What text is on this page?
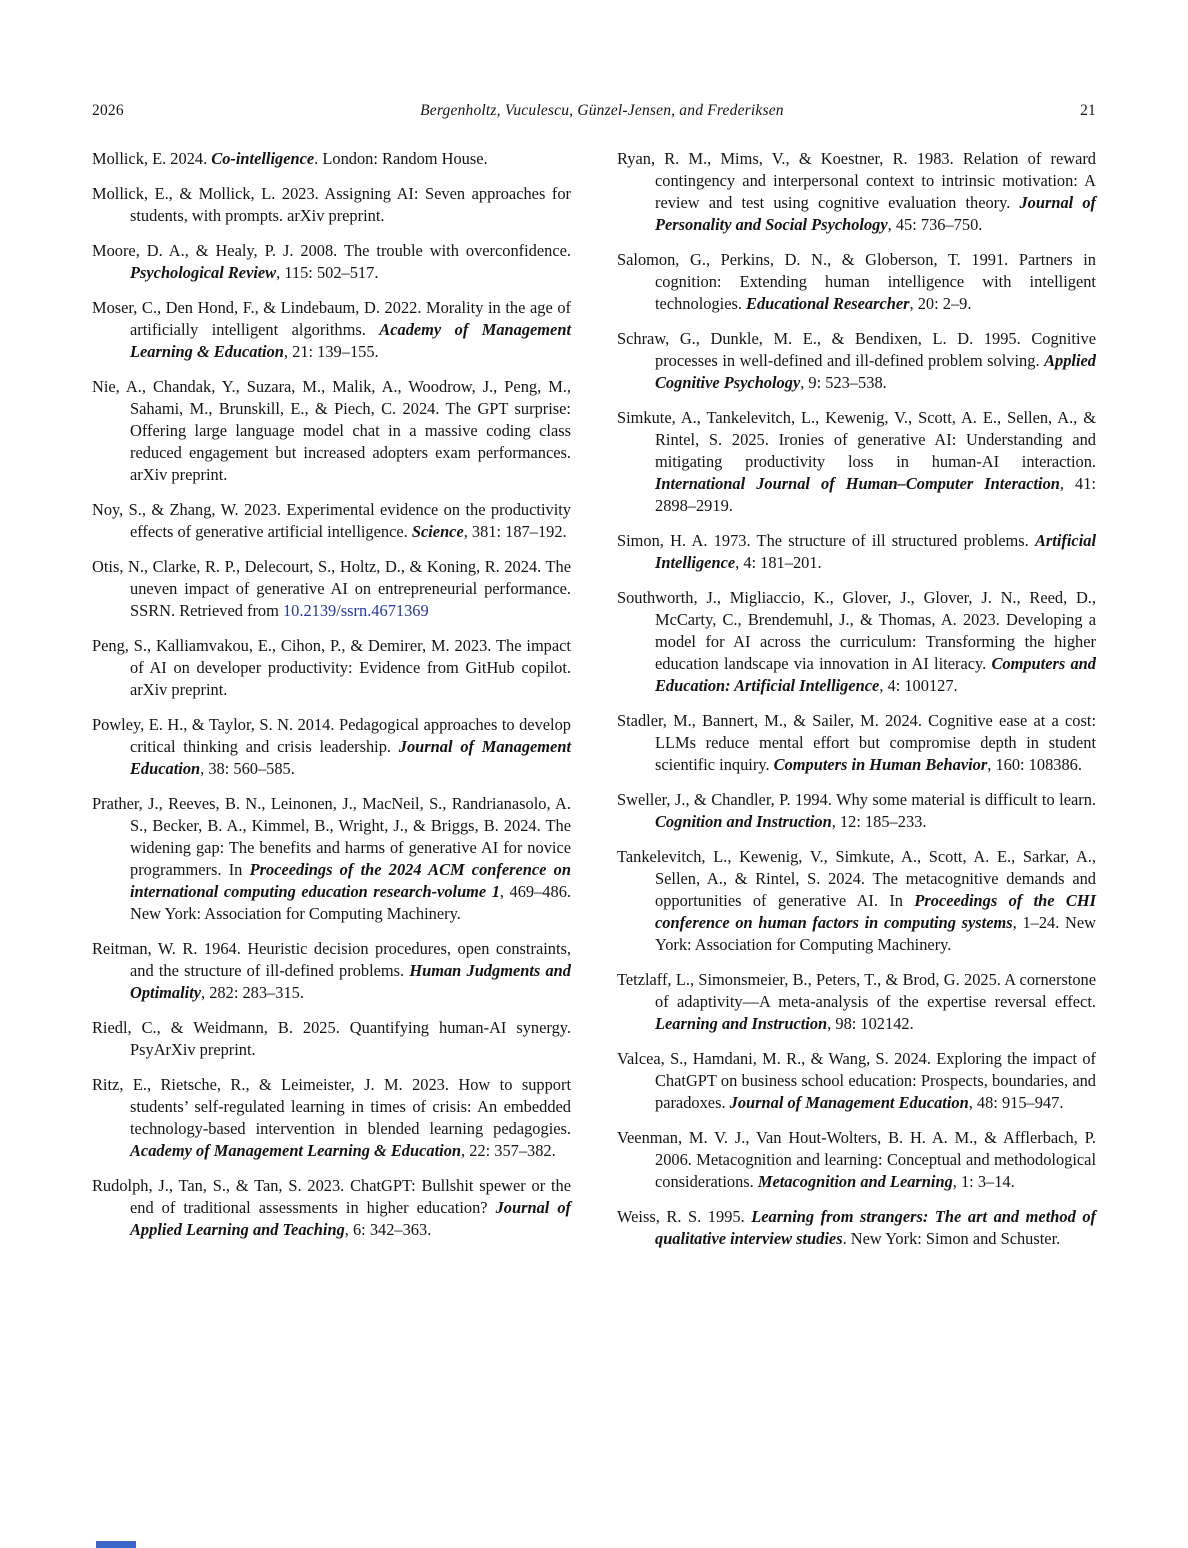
2026	Bergenholtz, Vuculescu, Günzel-Jensen, and Frederiksen	21

Mollick, E. 2024. Co-intelligence. London: Random House.

Mollick, E., & Mollick, L. 2023. Assigning AI: Seven approaches for students, with prompts. arXiv preprint.

Moore, D. A., & Healy, P. J. 2008. The trouble with overconfidence. Psychological Review, 115: 502–517.

Moser, C., Den Hond, F., & Lindebaum, D. 2022. Morality in the age of artificially intelligent algorithms. Academy of Management Learning & Education, 21: 139–155.

Nie, A., Chandak, Y., Suzara, M., Malik, A., Woodrow, J., Peng, M., Sahami, M., Brunskill, E., & Piech, C. 2024. The GPT surprise: Offering large language model chat in a massive coding class reduced engagement but increased adopters exam performances. arXiv preprint.

Noy, S., & Zhang, W. 2023. Experimental evidence on the productivity effects of generative artificial intelligence. Science, 381: 187–192.

Otis, N., Clarke, R. P., Delecourt, S., Holtz, D., & Koning, R. 2024. The uneven impact of generative AI on entrepreneurial performance. SSRN. Retrieved from 10.2139/ssrn.4671369

Peng, S., Kalliamvakou, E., Cihon, P., & Demirer, M. 2023. The impact of AI on developer productivity: Evidence from GitHub copilot. arXiv preprint.

Powley, E. H., & Taylor, S. N. 2014. Pedagogical approaches to develop critical thinking and crisis leadership. Journal of Management Education, 38: 560–585.

Prather, J., Reeves, B. N., Leinonen, J., MacNeil, S., Randrianasolo, A. S., Becker, B. A., Kimmel, B., Wright, J., & Briggs, B. 2024. The widening gap: The benefits and harms of generative AI for novice programmers. In Proceedings of the 2024 ACM conference on international computing education research-volume 1, 469–486. New York: Association for Computing Machinery.

Reitman, W. R. 1964. Heuristic decision procedures, open constraints, and the structure of ill-defined problems. Human Judgments and Optimality, 282: 283–315.

Riedl, C., & Weidmann, B. 2025. Quantifying human-AI synergy. PsyArXiv preprint.

Ritz, E., Rietsche, R., & Leimeister, J. M. 2023. How to support students’ self-regulated learning in times of crisis: An embedded technology-based intervention in blended learning pedagogies. Academy of Management Learning & Education, 22: 357–382.

Rudolph, J., Tan, S., & Tan, S. 2023. ChatGPT: Bullshit spewer or the end of traditional assessments in higher education? Journal of Applied Learning and Teaching, 6: 342–363.

Ryan, R. M., Mims, V., & Koestner, R. 1983. Relation of reward contingency and interpersonal context to intrinsic motivation: A review and test using cognitive evaluation theory. Journal of Personality and Social Psychology, 45: 736–750.

Salomon, G., Perkins, D. N., & Globerson, T. 1991. Partners in cognition: Extending human intelligence with intelligent technologies. Educational Researcher, 20: 2–9.

Schraw, G., Dunkle, M. E., & Bendixen, L. D. 1995. Cognitive processes in well-defined and ill-defined problem solving. Applied Cognitive Psychology, 9: 523–538.

Simkute, A., Tankelevitch, L., Kewenig, V., Scott, A. E., Sellen, A., & Rintel, S. 2025. Ironies of generative AI: Understanding and mitigating productivity loss in human-AI interaction. International Journal of Human–Computer Interaction, 41: 2898–2919.

Simon, H. A. 1973. The structure of ill structured problems. Artificial Intelligence, 4: 181–201.

Southworth, J., Migliaccio, K., Glover, J., Glover, J. N., Reed, D., McCarty, C., Brendemuhl, J., & Thomas, A. 2023. Developing a model for AI across the curriculum: Transforming the higher education landscape via innovation in AI literacy. Computers and Education: Artificial Intelligence, 4: 100127.

Stadler, M., Bannert, M., & Sailer, M. 2024. Cognitive ease at a cost: LLMs reduce mental effort but compromise depth in student scientific inquiry. Computers in Human Behavior, 160: 108386.

Sweller, J., & Chandler, P. 1994. Why some material is difficult to learn. Cognition and Instruction, 12: 185–233.

Tankelevitch, L., Kewenig, V., Simkute, A., Scott, A. E., Sarkar, A., Sellen, A., & Rintel, S. 2024. The metacognitive demands and opportunities of generative AI. In Proceedings of the CHI conference on human factors in computing systems, 1–24. New York: Association for Computing Machinery.

Tetzlaff, L., Simonsmeier, B., Peters, T., & Brod, G. 2025. A cornerstone of adaptivity—A meta-analysis of the expertise reversal effect. Learning and Instruction, 98: 102142.

Valcea, S., Hamdani, M. R., & Wang, S. 2024. Exploring the impact of ChatGPT on business school education: Prospects, boundaries, and paradoxes. Journal of Management Education, 48: 915–947.

Veenman, M. V. J., Van Hout-Wolters, B. H. A. M., & Afflerbach, P. 2006. Metacognition and learning: Conceptual and methodological considerations. Metacognition and Learning, 1: 3–14.

Weiss, R. S. 1995. Learning from strangers: The art and method of qualitative interview studies. New York: Simon and Schuster.
